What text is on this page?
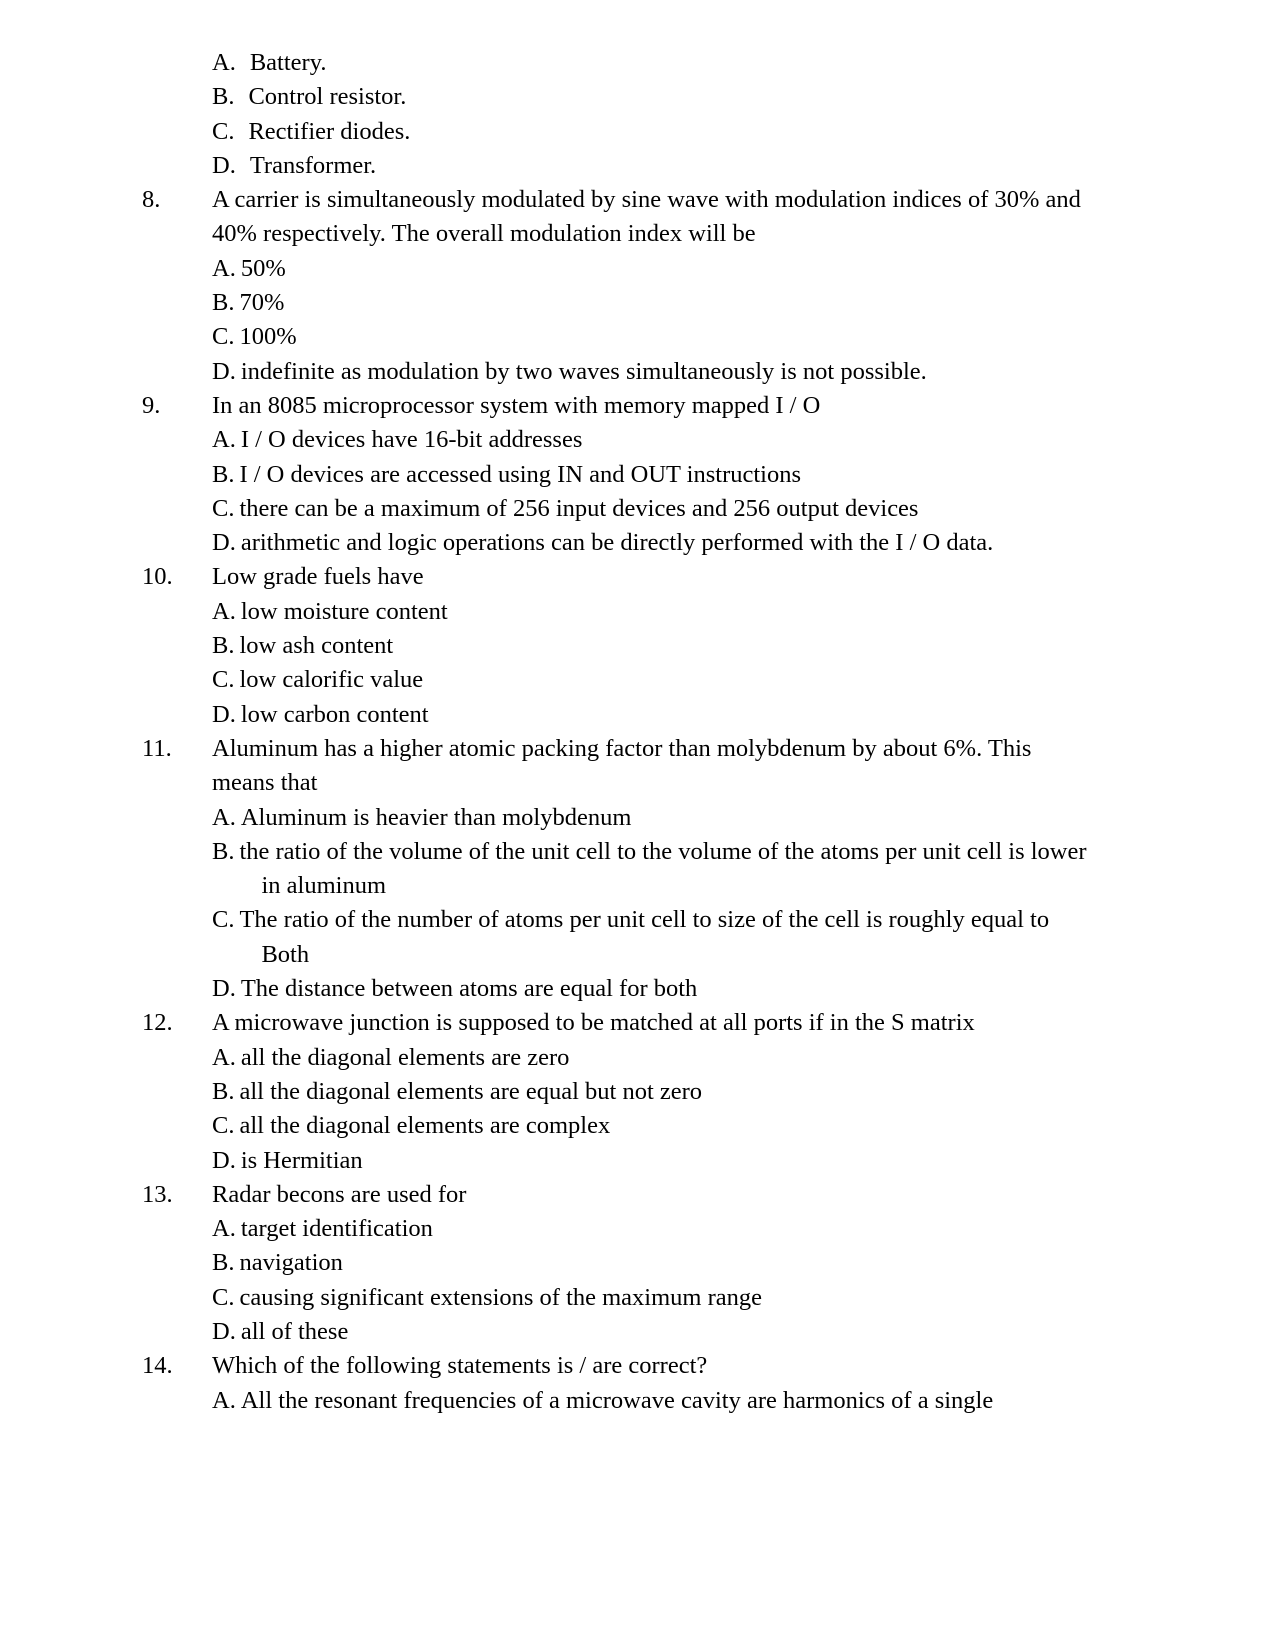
A. Battery.
B. Control resistor.
C. Rectifier diodes.
D. Transformer.
8.	A carrier is simultaneously modulated by sine wave with modulation indices of 30% and 40% respectively. The overall modulation index will be
A. 50%
B. 70%
C. 100%
D. indefinite as modulation by two waves simultaneously is not possible.
9.	In an 8085 microprocessor system with memory mapped I / O
A. I / O devices have 16-bit addresses
B. I / O devices are accessed using IN and OUT instructions
C. there can be a maximum of 256 input devices and 256 output devices
D. arithmetic and logic operations can be directly performed with the I / O data.
10.	Low grade fuels have
A. low moisture content
B. low ash content
C. low calorific value
D. low carbon content
11.	Aluminum has a higher atomic packing factor than molybdenum by about 6%. This means that
A. Aluminum is heavier than molybdenum
B. the ratio of the volume of the unit cell to the volume of the atoms per unit cell is lower in aluminum
C. The ratio of the number of atoms per unit cell to size of the cell is roughly equal to Both
D. The distance between atoms are equal for both
12.	A microwave junction is supposed to be matched at all ports if in the S matrix
A. all the diagonal elements are zero
B. all the diagonal elements are equal but not zero
C. all the diagonal elements are complex
D. is Hermitian
13.	Radar becons are used for
A. target identification
B. navigation
C. causing significant extensions of the maximum range
D. all of these
14.	Which of the following statements is / are correct?
A. All the resonant frequencies of a microwave cavity are harmonics of a single
